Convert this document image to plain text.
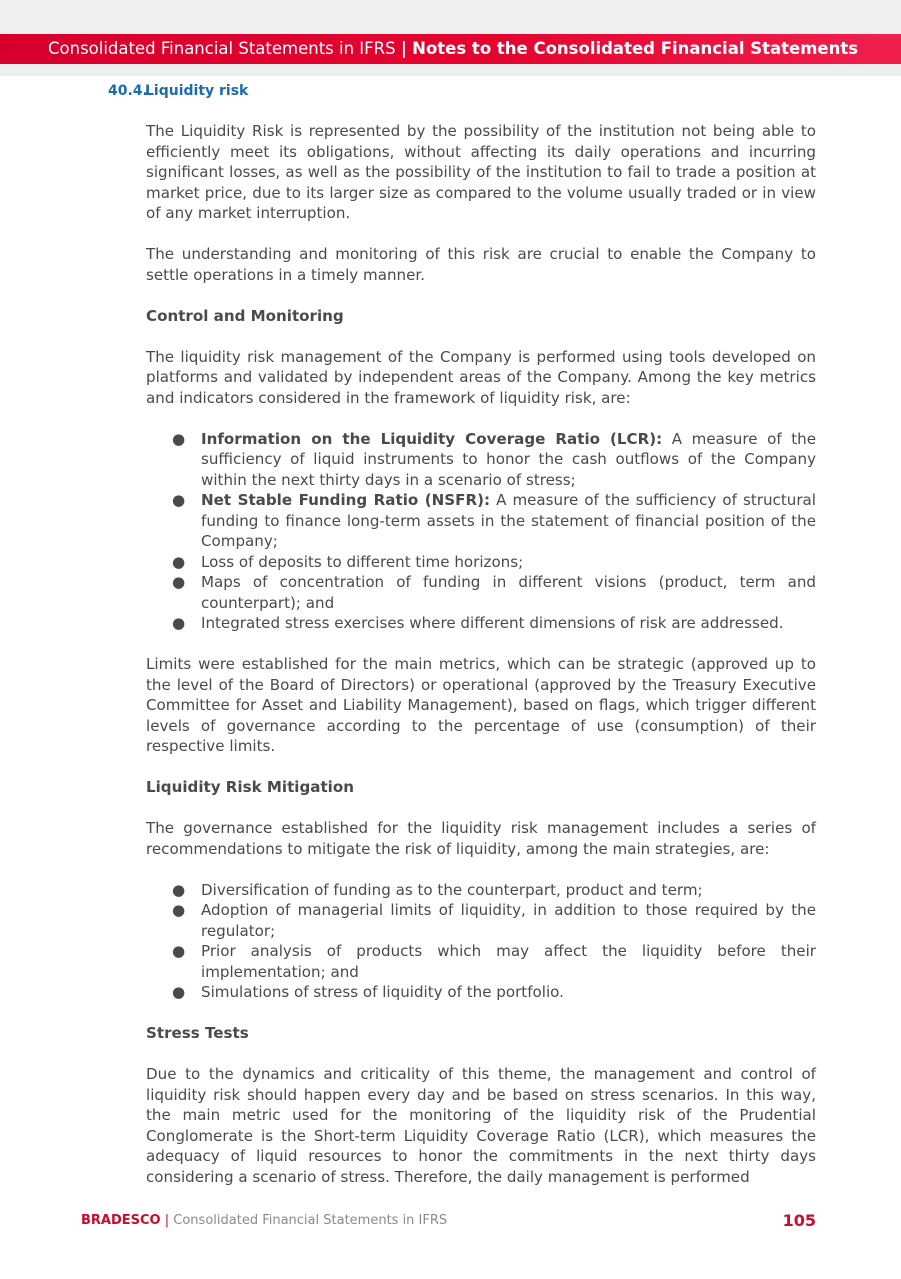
Consolidated Financial Statements in IFRS | Notes to the Consolidated Financial Statements
40.4.Liquidity risk

The Liquidity Risk is represented by the possibility of the institution not being able to efficiently meet its obligations, without affecting its daily operations and incurring significant losses, as well as the possibility of the institution to fail to trade a position at market price, due to its larger size as compared to the volume usually traded or in view of any market interruption.

The understanding and monitoring of this risk are crucial to enable the Company to settle operations in a timely manner.

Control and Monitoring

The liquidity risk management of the Company is performed using tools developed on platforms and validated by independent areas of the Company. Among the key metrics and indicators considered in the framework of liquidity risk, are:

● Information on the Liquidity Coverage Ratio (LCR): A measure of the sufficiency of liquid instruments to honor the cash outflows of the Company within the next thirty days in a scenario of stress;
● Net Stable Funding Ratio (NSFR): A measure of the sufficiency of structural funding to finance long-term assets in the statement of financial position of the Company;
● Loss of deposits to different time horizons;
● Maps of concentration of funding in different visions (product, term and counterpart); and
● Integrated stress exercises where different dimensions of risk are addressed.

Limits were established for the main metrics, which can be strategic (approved up to the level of the Board of Directors) or operational (approved by the Treasury Executive Committee for Asset and Liability Management), based on flags, which trigger different levels of governance according to the percentage of use (consumption) of their respective limits.

Liquidity Risk Mitigation

The governance established for the liquidity risk management includes a series of recommendations to mitigate the risk of liquidity, among the main strategies, are:

● Diversification of funding as to the counterpart, product and term;
● Adoption of managerial limits of liquidity, in addition to those required by the regulator;
● Prior analysis of products which may affect the liquidity before their implementation; and
● Simulations of stress of liquidity of the portfolio.
Stress Tests

Due to the dynamics and criticality of this theme, the management and control of liquidity risk should happen every day and be based on stress scenarios. In this way, the main metric used for the monitoring of the liquidity risk of the Prudential Conglomerate is the Short-term Liquidity Coverage Ratio (LCR), which measures the adequacy of liquid resources to honor the commitments in the next thirty days considering a scenario of stress. Therefore, the daily management is performed

BRADESCO | Consolidated Financial Statements in IFRS	105
